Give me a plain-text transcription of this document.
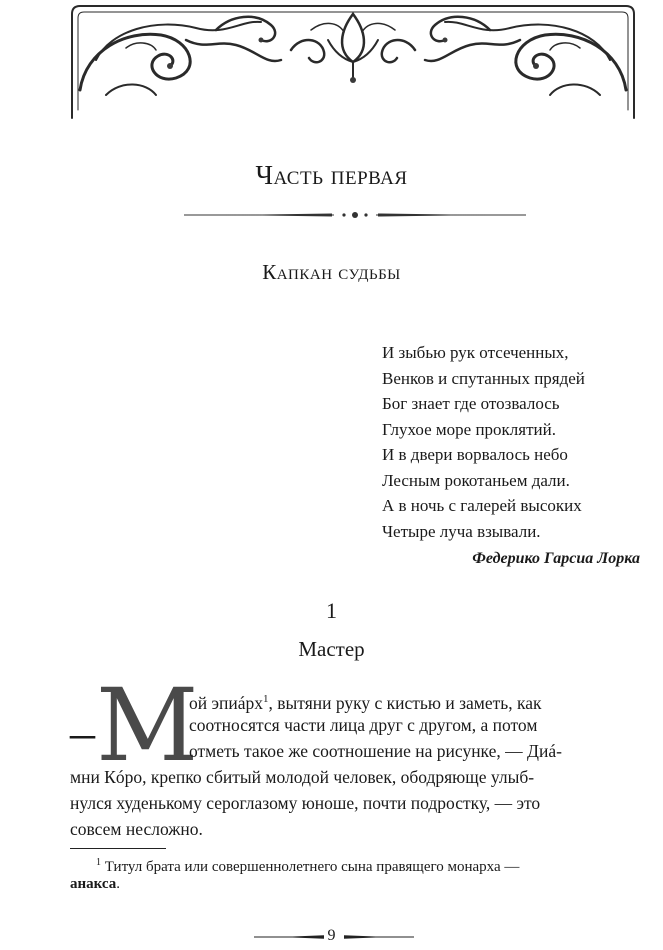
Часть первая
Капкан судьбы
И зыбью рук отсеченных,
Венков и спутанных прядей
Бог знает где отозвалось
Глухое море проклятий.
И в двери ворвалось небо
Лесным рокотаньем дали.
А в ночь с галерей высоких
Четыре луча взывали.
Федерико Гарсиа Лорка
1
Мастер
– М
ой эпиáрх$^1$, вытяни руку с кистью и заметь, как
соотносятся части лица друг с другом, а потом
отметь такое же соотношение на рисунке, — Диá-
мни Кóро, крепко сбитый молодой человек, ободряюще улыб-
нулся худенькому сероглазому юноше, почти подростку, — это
совсем несложно.
$^1$ Титул брата или совершеннолетнего сына правящего монарха —
анакса.
9
